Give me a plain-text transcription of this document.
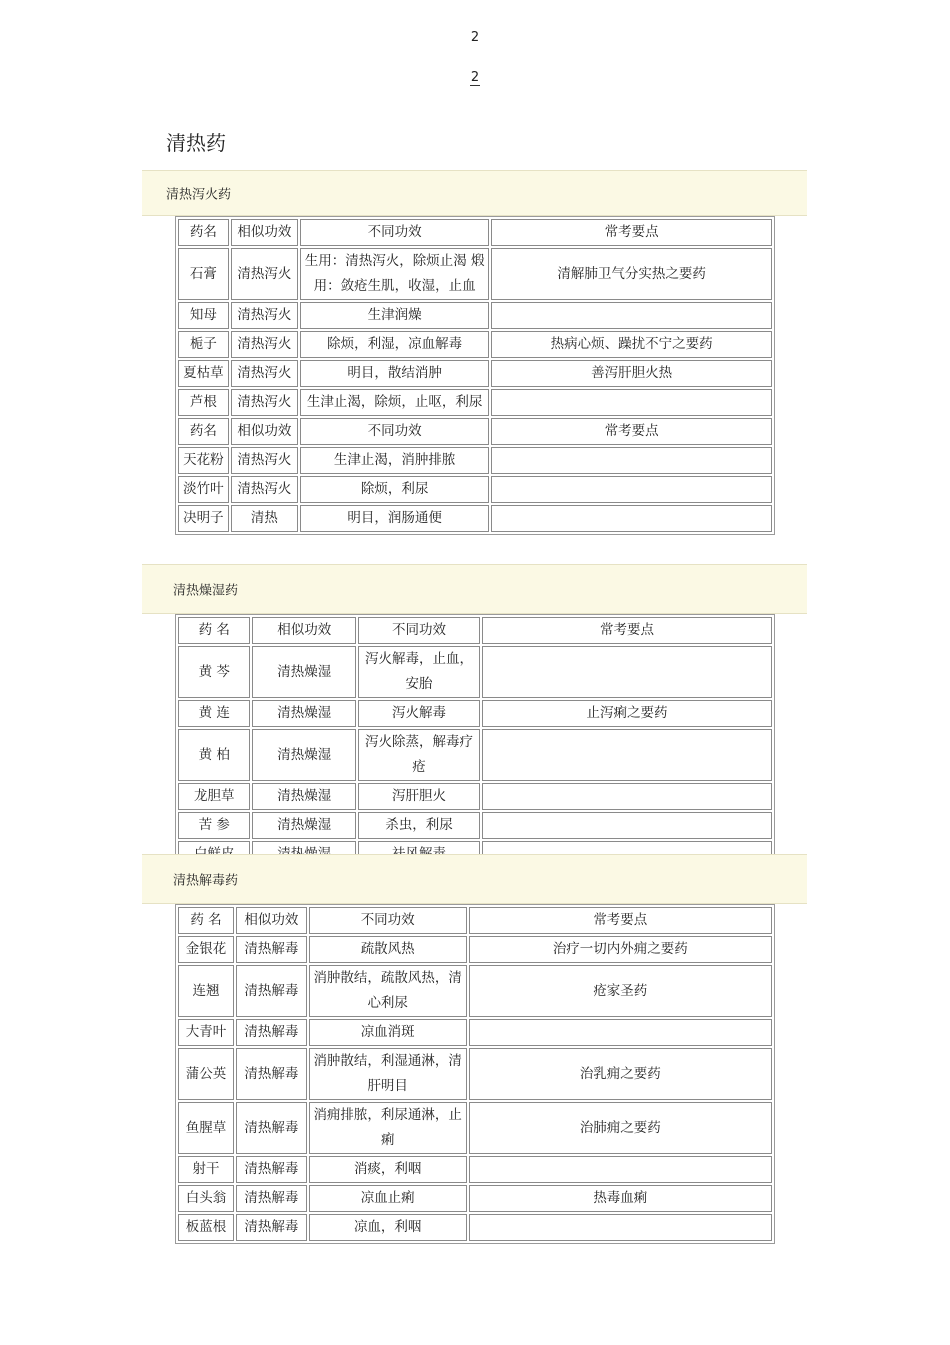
2
2
清热药
清热泻火药
药名	相似功效	不同功效	常考要点
石膏	清热泻火	生用：清热泻火，除烦止渴 煅用：敛疮生肌，收湿，止血	清解肺卫气分实热之要药
知母	清热泻火	生津润燥	
栀子	清热泻火	除烦，利湿，凉血解毒	热病心烦、躁扰不宁之要药
夏枯草	清热泻火	明目，散结消肿	善泻肝胆火热
芦根	清热泻火	生津止渴，除烦，止呕，利尿	
药名	相似功效	不同功效	常考要点
天花粉	清热泻火	生津止渴，消肿排脓	
淡竹叶	清热泻火	除烦，利尿	
决明子	清热	明目，润肠通便	
清热燥湿药
药 名	相似功效	不同功效	常考要点
黄 芩	清热燥湿	泻火解毒，止血，安胎	
黄 连	清热燥湿	泻火解毒	止泻痢之要药
黄 柏	清热燥湿	泻火除蒸，解毒疗疮	
龙胆草	清热燥湿	泻肝胆火	
苦 参	清热燥湿	杀虫，利尿	

清热解毒药
药 名	相似功效	不同功效	常考要点
金银花	清热解毒	疏散风热	治疗一切内外痈之要药
连翘	清热解毒	消肿散结，疏散风热，清心利尿	疮家圣药
大青叶	清热解毒	凉血消斑	
蒲公英	清热解毒	消肿散结，利湿通淋，清肝明目	治乳痈之要药
鱼腥草	清热解毒	消痈排脓，利尿通淋，止痢	治肺痈之要药
射干	清热解毒	消痰，利咽	
白头翁	清热解毒	凉血止痢	热毒血痢
板蓝根	清热解毒	凉血，利咽	
